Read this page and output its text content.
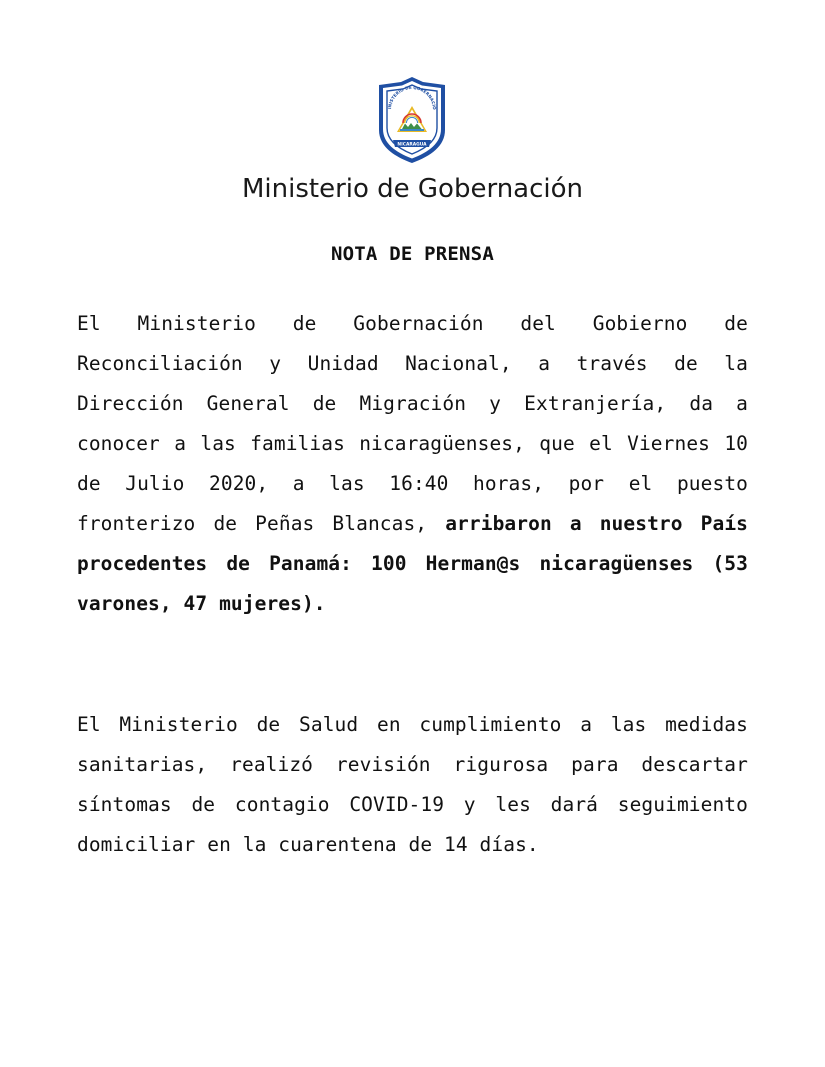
INISTERIO DE GOBERNACIÓ
NICARAGUA
Ministerio de Gobernación
NOTA DE PRENSA

El Ministerio de Gobernación del Gobierno de Reconciliación y Unidad Nacional, a través de la Dirección General de Migración y Extranjería, da a conocer a las familias nicaragüenses, que el Viernes 10 de Julio 2020, a las 16:40 horas, por el puesto fronterizo de Peñas Blancas, arribaron a nuestro País procedentes de Panamá: 100 Herman@s nicaragüenses (53 varones, 47 mujeres).

El Ministerio de Salud en cumplimiento a las medidas sanitarias, realizó revisión rigurosa para descartar síntomas de contagio COVID-19 y les dará seguimiento domiciliar en la cuarentena de 14 días.
